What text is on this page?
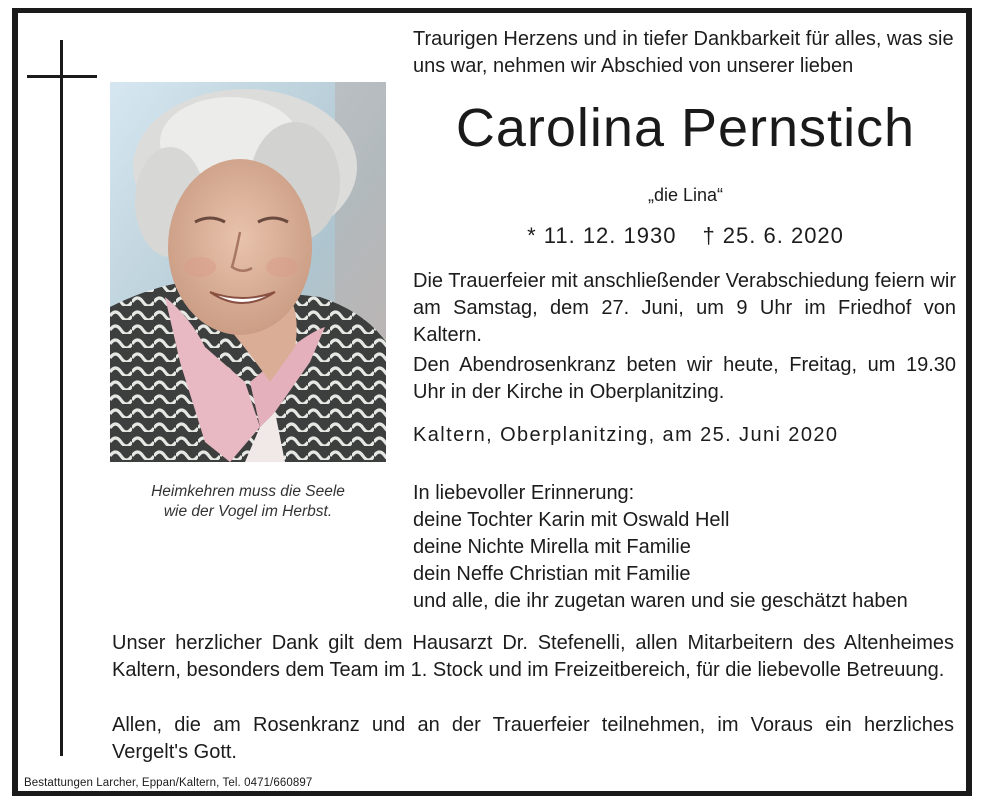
Heimkehren muss die Seele
wie der Vogel im Herbst.
Traurigen Herzens und in tiefer Dankbarkeit für alles, was sie uns war, nehmen wir Abschied von unserer lieben
Carolina Pernstich
„die Lina“
* 11. 12. 1930 † 25. 6. 2020
Die Trauerfeier mit anschließender Verabschiedung feiern wir am Samstag, dem 27. Juni, um 9 Uhr im Friedhof von Kaltern.
Den Abendrosenkranz beten wir heute, Freitag, um 19.30 Uhr in der Kirche in Oberplanitzing.
Kaltern, Oberplanitzing, am 25. Juni 2020
In liebevoller Erinnerung:
deine Tochter Karin mit Oswald Hell
deine Nichte Mirella mit Familie
dein Neffe Christian mit Familie
und alle, die ihr zugetan waren und sie geschätzt haben
Unser herzlicher Dank gilt dem Hausarzt Dr. Stefenelli, allen Mitarbeitern des Altenheimes Kaltern, besonders dem Team im 1. Stock und im Freizeitbereich, für die liebevolle Betreuung.
Allen, die am Rosenkranz und an der Trauerfeier teilnehmen, im Voraus ein herzliches Vergelt's Gott.
Bestattungen Larcher, Eppan/Kaltern, Tel. 0471/660897
